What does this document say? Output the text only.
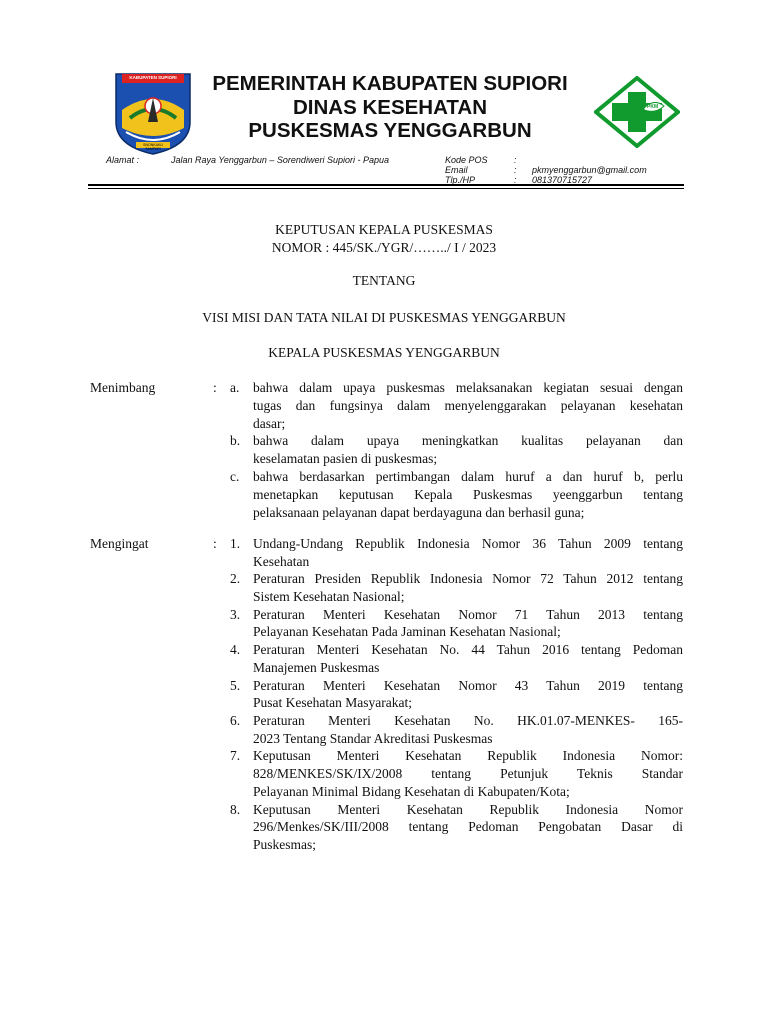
KABUPATEN SUPIORI
SNONKAKU SAMPARI
PEMERINTAH KABUPATEN SUPIORI
DINAS KESEHATAN
PUSKESMAS YENGGARBUN
PKM
Alamat :	Jalan Raya Yenggarbun – Sorendiweri Supiori - Papua	Kode POS	:
Email	: pkmyenggarbun@gmail.com
Tlp./HP	: 081370715727
KEPUTUSAN KEPALA PUSKESMAS
NOMOR : 445/SK./YGR/……../ I / 2023
TENTANG
VISI MISI DAN TATA NILAI DI PUSKESMAS YENGGARBUN
KEPALA PUSKESMAS YENGGARBUN
Menimbang	: a.	bahwa dalam upaya puskesmas melaksanakan kegiatan sesuai dengan
tugas dan fungsinya dalam menyelenggarakan pelayanan kesehatan
dasar;
b. bahwa dalam upaya meningkatkan kualitas pelayanan dan
keselamatan pasien di puskesmas;
c.	bahwa berdasarkan pertimbangan dalam huruf a dan huruf b, perlu
menetapkan keputusan Kepala Puskesmas yeenggarbun tentang
pelaksanaan pelayanan dapat berdayaguna dan berhasil guna;
Mengingat	: 1. Undang-Undang Republik Indonesia Nomor 36 Tahun 2009 tentang
Kesehatan
2. Peraturan Presiden Republik Indonesia Nomor 72 Tahun 2012 tentang
Sistem Kesehatan Nasional;
3. Peraturan Menteri Kesehatan Nomor 71 Tahun 2013 tentang
Pelayanan Kesehatan Pada Jaminan Kesehatan Nasional;
4. Peraturan Menteri Kesehatan No. 44 Tahun 2016 tentang Pedoman
Manajemen Puskesmas
5. Peraturan Menteri Kesehatan Nomor 43 Tahun 2019 tentang
Pusat Kesehatan Masyarakat;
6. Peraturan Menteri Kesehatan No. HK.01.07-MENKES- 165-
2023 Tentang Standar Akreditasi Puskesmas
7. Keputusan Menteri Kesehatan Republik Indonesia Nomor:
828/MENKES/SK/IX/2008 tentang Petunjuk Teknis Standar
Pelayanan Minimal Bidang Kesehatan di Kabupaten/Kota;
8. Keputusan Menteri Kesehatan Republik Indonesia Nomor
296/Menkes/SK/III/2008 tentang Pedoman Pengobatan Dasar di
Puskesmas;
